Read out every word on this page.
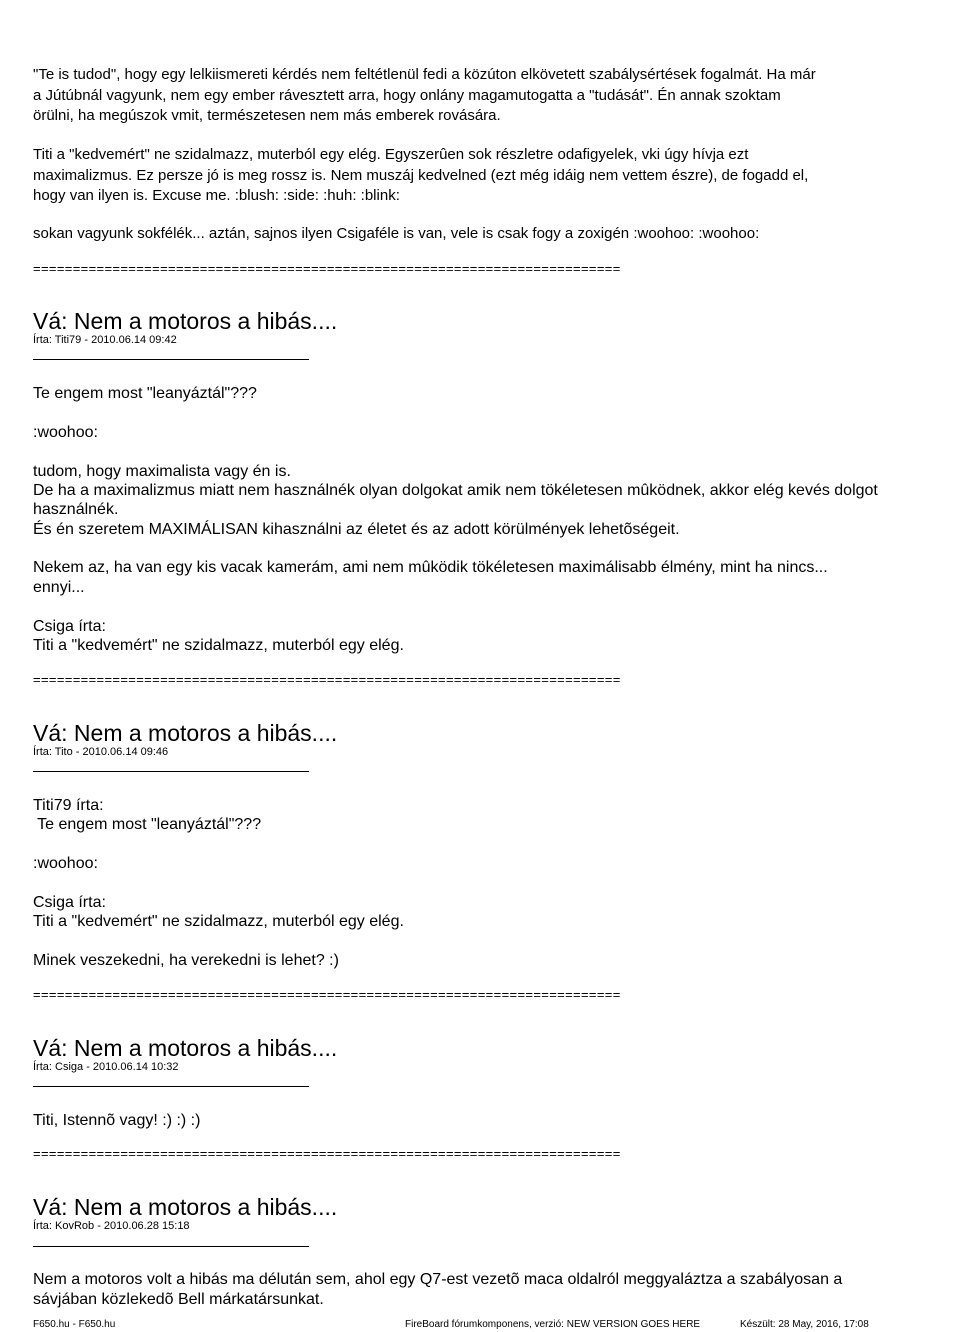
"Te is tudod", hogy egy lelkiismereti kérdés nem feltétlenül fedi a közúton elkövetett szabálysértések fogalmát. Ha már

a Jútúbnál vagyunk, nem egy ember rávesztett arra, hogy onlány magamutogatta a "tudását". Én annak szoktam

örülni, ha megúszok vmit, természetesen nem más emberek rovására.

Titi a "kedvemért" ne szidalmazz, muterból egy elég. Egyszerûen sok részletre odafigyelek, vki úgy hívja ezt

maximalizmus. Ez persze jó is meg rossz is. Nem muszáj kedvelned (ezt még idáig nem vettem észre), de fogadd el,

hogy van ilyen is. Excuse me. :blush: :side: :huh: :blink:

sokan vagyunk sokfélék... aztán, sajnos ilyen Csigaféle is van, vele is csak fogy a zoxigén :woohoo: :woohoo:

==========================================================================

Vá: Nem a motoros a hibás....

Írta: Titi79 - 2010.06.14 09:42

Te engem most "leanyáztál"???

:woohoo:

tudom, hogy maximalista vagy én is.

De ha a maximalizmus miatt nem használnék olyan dolgokat amik nem tökéletesen mûködnek, akkor elég kevés dolgot

használnék.

És én szeretem MAXIMÁLISAN kihasználni az életet és az adott körülmények lehetõségeit.

Nekem az, ha van egy kis vacak kamerám, ami nem mûködik tökéletesen maximálisabb élmény, mint ha nincs...

ennyi...

Csiga írta:

Titi a "kedvemért" ne szidalmazz, muterból egy elég.

==========================================================================

Vá: Nem a motoros a hibás....

Írta: Tito - 2010.06.14 09:46

Titi79 írta:

Te engem most "leanyáztál"???

:woohoo:

Csiga írta:

Titi a "kedvemért" ne szidalmazz, muterból egy elég.

Minek veszekedni, ha verekedni is lehet? :)

==========================================================================

Vá: Nem a motoros a hibás....

Írta: Csiga - 2010.06.14 10:32

Titi, Istennõ vagy! :) :) :)

==========================================================================

Vá: Nem a motoros a hibás....

Írta: KovRob - 2010.06.28 15:18

Nem a motoros volt a hibás ma délután sem, ahol egy Q7-est vezetõ maca oldalról meggyaláztza a szabályosan a

sávjában közlekedõ Bell márkatársunkat.

F650.hu - F650.hu	FireBoard fórumkomponens, verzió: NEW VERSION GOES HERE	Készült: 28 May, 2016, 17:08
